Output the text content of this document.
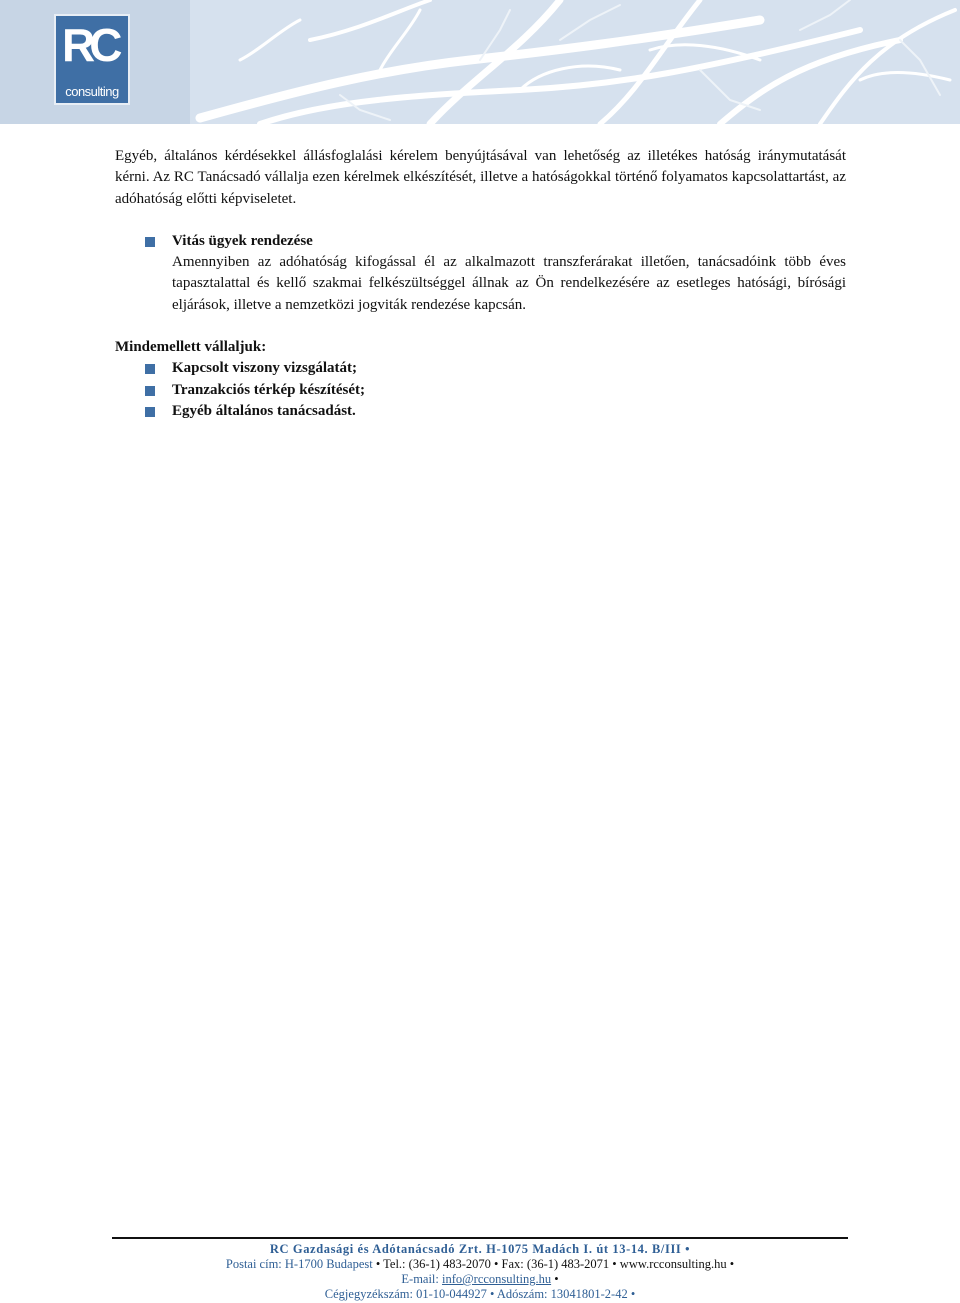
RC
consulting

Egyéb, általános kérdésekkel állásfoglalási kérelem benyújtásával van lehetőség az illetékes hatóság iránymutatását kérni. Az RC Tanácsadó vállalja ezen kérelmek elkészítését, illetve a hatóságokkal történő folyamatos kapcsolattartást, az adóhatóság előtti képviseletet.

Vitás ügyek rendezése

Amennyiben az adóhatóság kifogással él az alkalmazott transzferárakat illetően, tanácsadóink több éves tapasztalattal és kellő szakmai felkészültséggel állnak az Ön rendelkezésére az esetleges hatósági, bírósági eljárások, illetve a nemzetközi jogviták rendezése kapcsán.

Mindemellett vállaljuk:
Kapcsolt viszony vizsgálatát;
Tranzakciós térkép készítését;
Egyéb általános tanácsadást.
RC Gazdasági és Adótanácsadó Zrt. H-1075 Madách I. út 13-14. B/III •
Postai cím: H-1700 Budapest • Tel.: (36-1) 483-2070 • Fax: (36-1) 483-2071 • www.rcconsulting.hu •
E-mail: info@rcconsulting.hu •
Cégjegyzékszám: 01-10-044927 • Adószám: 13041801-2-42 •
